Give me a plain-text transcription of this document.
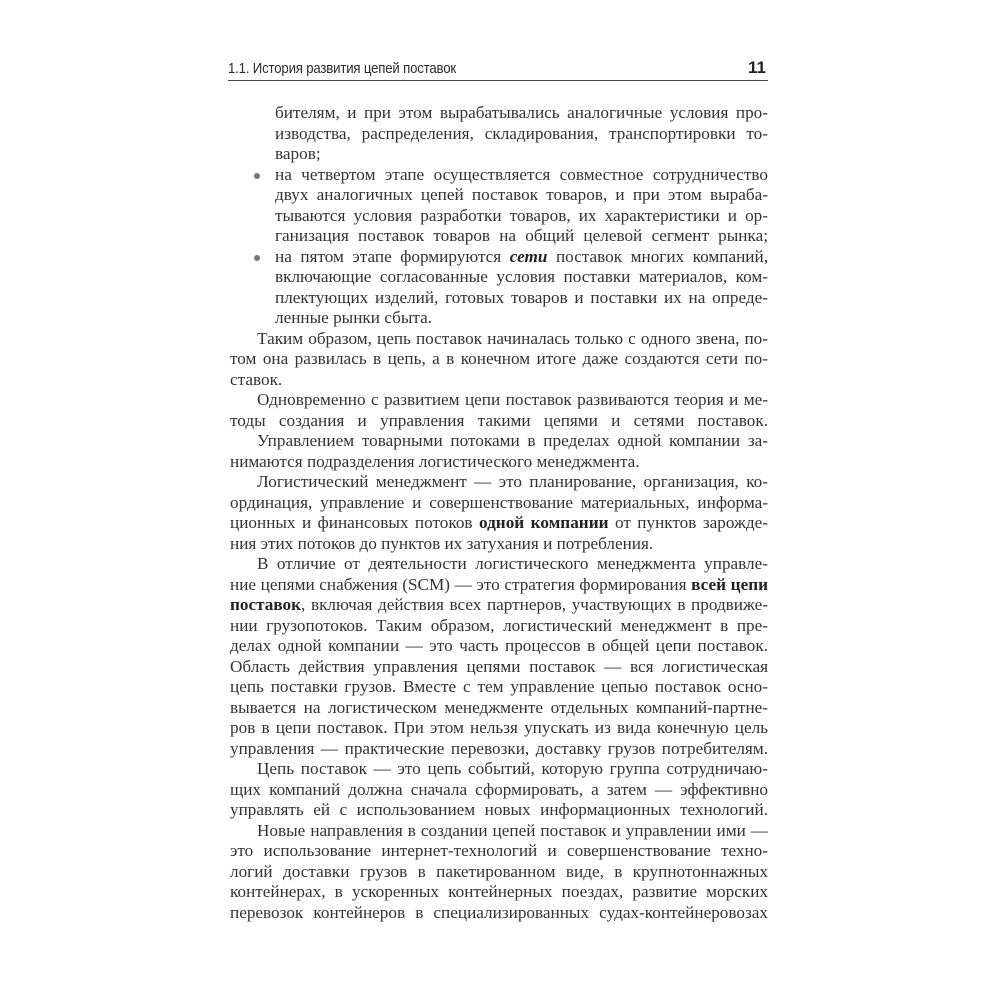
1.1. История развития цепей поставок	11
бителям, и при этом вырабатывались аналогичные условия про-
изводства, распределения, складирования, транспортировки то-
варов;
на четвертом этапе осуществляется совместное сотрудничество
двух аналогичных цепей поставок товаров, и при этом выраба-
тываются условия разработки товаров, их характеристики и ор-
ганизация поставок товаров на общий целевой сегмент рынка;
на пятом этапе формируются сети поставок многих компаний,
включающие согласованные условия поставки материалов, ком-
плектующих изделий, готовых товаров и поставки их на опреде-
ленные рынки сбыта.
Таким образом, цепь поставок начиналась только с одного звена, по-
том она развилась в цепь, а в конечном итоге даже создаются сети по-
ставок.
Одновременно с развитием цепи поставок развиваются теория и ме-
тоды создания и управления такими цепями и сетями поставок.
Управлением товарными потоками в пределах одной компании за-
нимаются подразделения логистического менеджмента.
Логистический менеджмент — это планирование, организация, ко-
ординация, управление и совершенствование материальных, информа-
ционных и финансовых потоков одной компании от пунктов зарожде-
ния этих потоков до пунктов их затухания и потребления.
В отличие от деятельности логистического менеджмента управле-
ние цепями снабжения (SCM) — это стратегия формирования всей цепи
поставок, включая действия всех партнеров, участвующих в продвиже-
нии грузопотоков. Таким образом, логистический менеджмент в пре-
делах одной компании — это часть процессов в общей цепи поставок.
Область действия управления цепями поставок — вся логистическая
цепь поставки грузов. Вместе с тем управление цепью поставок осно-
вывается на логистическом менеджменте отдельных компаний-партне-
ров в цепи поставок. При этом нельзя упускать из вида конечную цель
управления — практические перевозки, доставку грузов потребителям.
Цепь поставок — это цепь событий, которую группа сотрудничаю-
щих компаний должна сначала сформировать, а затем — эффективно
управлять ей с использованием новых информационных технологий.
Новые направления в создании цепей поставок и управлении ими —
это использование интернет-технологий и совершенствование техно-
логий доставки грузов в пакетированном виде, в крупнотоннажных
контейнерах, в ускоренных контейнерных поездах, развитие морских
перевозок контейнеров в специализированных судах-контейнеровозах
